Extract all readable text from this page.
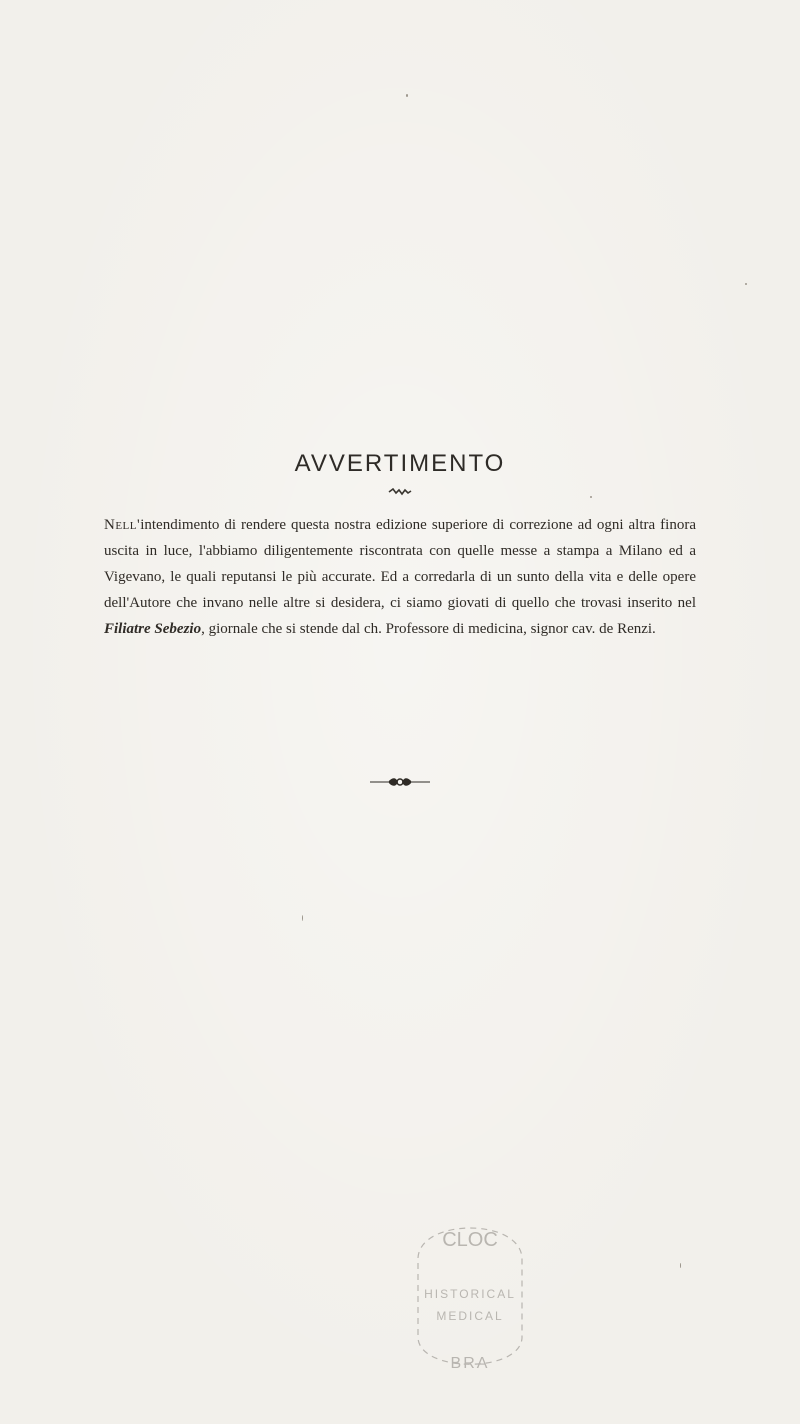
AVVERTIMENTO
Nell'intendimento di rendere questa nostra edizione superiore di correzione ad ogni altra finora uscita in luce, l'abbiamo diligentemente riscontrata con quelle messe a stampa a Milano ed a Vigevano, le quali reputansi le più accurate. Ed a corredarla di un sunto della vita e delle opere dell'Autore che invano nelle altre si desidera, ci siamo giovati di quello che trovasi inserito nel Filiatre Sebezio, giornale che si stende dal ch. Professore di medicina, signor cav. de Renzi.
CLOC
HISTORICAL
MEDICAL
BRA
